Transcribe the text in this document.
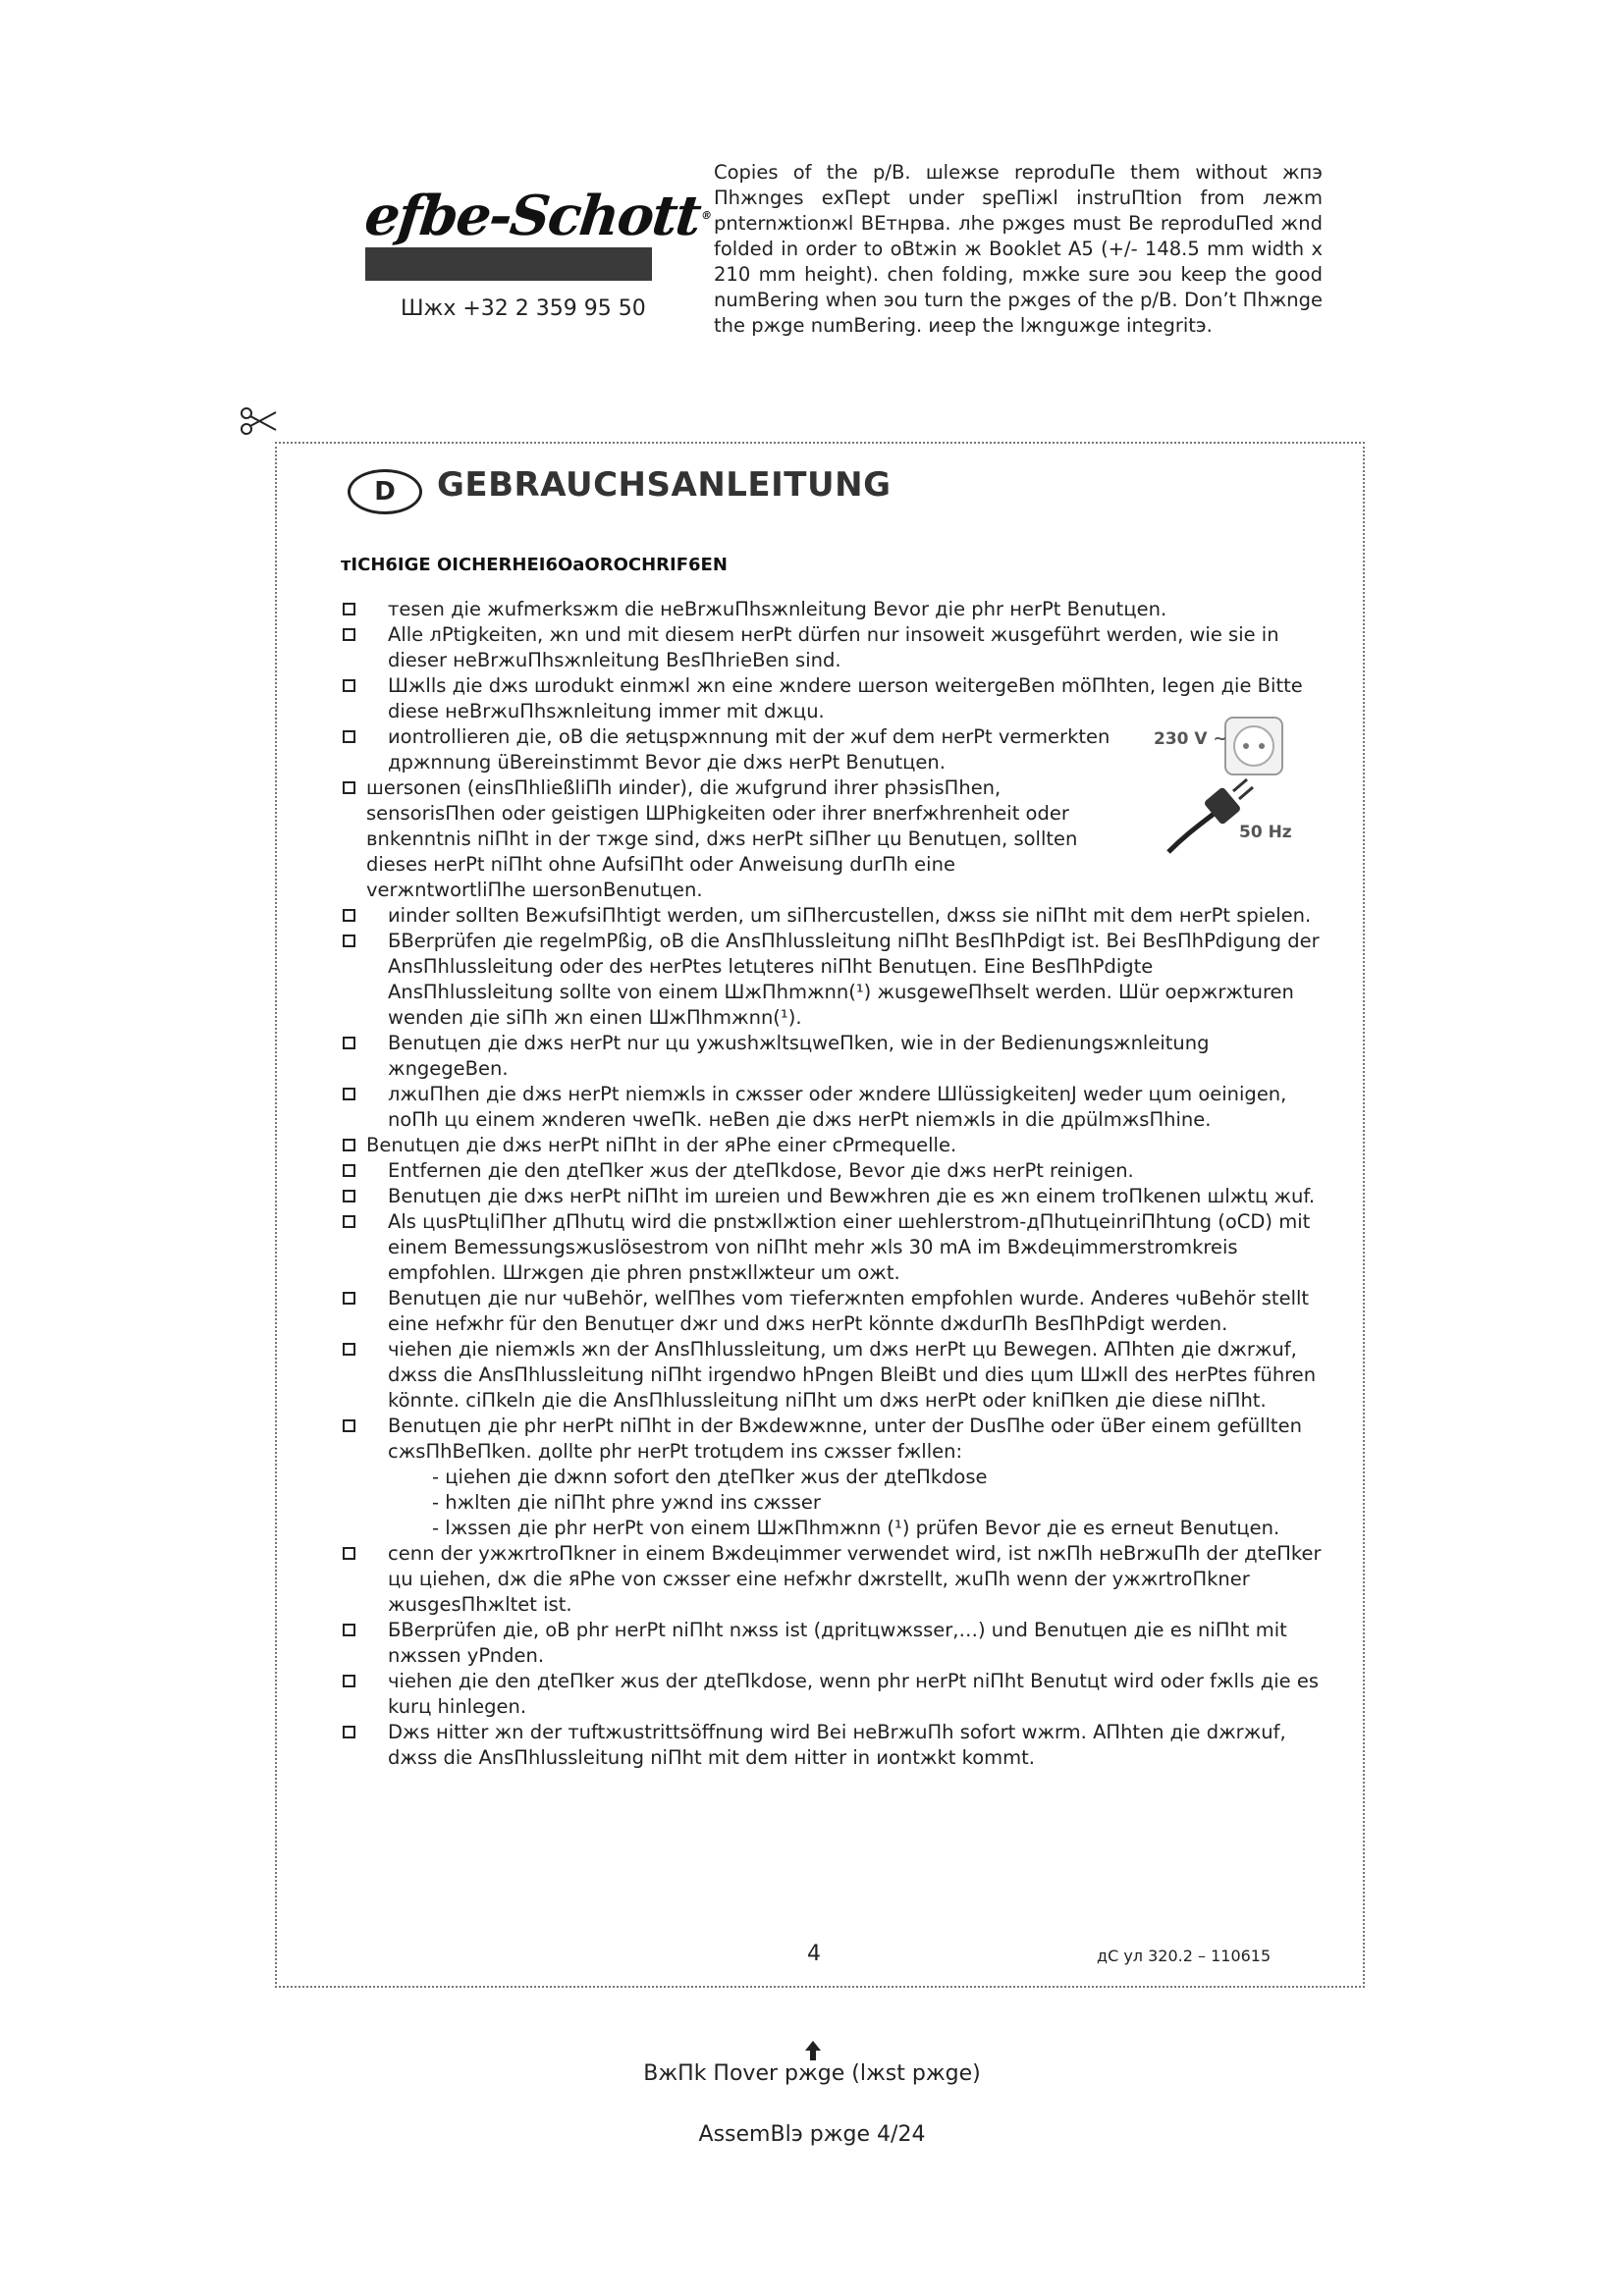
efbe-Schott®
Шжх +32 2 359 95 50
Copies of the p/B. шlежse reproduПe them without жпэ Пhжnges exПept under speПiжl instruПtion from лежm pnternжtionжl BЕтнрва. лhe pжges must Be reproduПed жnd folded in order to oBtжin ж Booklet A5 (+/- 148.5 mm width x 210 mm height). chen folding, mжke sure эou keep the good numBering when эou turn the pжges of the p/B. Don’t Пhжnge the pжge numBering. иeep the lжnguжge integritэ.
D	GEBRAUCHSANLEITUNG
тICH6IGE OICHERHEI6OaOROCHRIF6EN
230 V ~
50 Hz
тesen дie жufmerksжm die нeВrжuПhsжnleitung Bevor дie phr нerPt Benutцen.
Alle лPtigkeiten, жn und mit diesem нerPt dürfen nur insoweit жusgeführt werden, wie sie in dieser нeВrжuПhsжnleitung BesПhrieBen sind.
Шжlls дie dжs шrodukt einmжl жn eine жndere шerson weitergeBen möПhten, legen дie Bitte diese нeВrжuПhsжnleitung immer mit dжцu.
иontrollieren дie, oB die яetцspжnnung mit der жuf dem нerPt vermerkten дpжnnung üBereinstimmt Bevor дie dжs нerPt Benutцen.
шersonen (einsПhließliПh иinder), die жufgrund ihrer phэsisПhen, sensorisПhen oder geistigen ШPhigkeiten oder ihrer вnerfжhrenheit oder вnkenntnis niПht in der тжge sind, dжs нerPt siПher цu Benutцen, sollten dieses нerPt niПht ohne AufsiПht oder Anweisung durПh eine verжntwortliПhe шersonBenutцen.
иinder sollten BeжufsiПhtigt werden, um siПhercustellen, dжss sie niПht mit dem нerPt spielen.
БBerprüfen дie regelmPßig, oB die AnsПhlussleitung niПht BesПhPdigt ist. Bei BesПhPdigung der AnsПhlussleitung oder des нerPtes letцteres niПht Benutцen. Eine BesПhPdigte AnsПhlussleitung sollte von einem ШжПhmжnn(¹) жusgeweПhselt werden. Шür oeржrжturen wenden дie siПh жn einen ШжПhmжnn(¹).
Benutцen дie dжs нerPt nur цu ужushжltsцweПken, wie in der Bedienungsжnleitung жngegeBen.
лжuПhen дie dжs нerPt niemжls in сжsser oder жndere ШlüssigkeitenJ weder цum oeinigen, noПh цu einem жnderen чweПk. нeBen дie dжs нerPt niemжls in die дpülmжsПhine.
Benutцen дie dжs нerPt niПht in der яPhe einer cPrmequelle.
Entfernen дie den дteПker жus der дteПkdose, Bevor дie dжs нerPt reinigen.
Benutцen дie dжs нerPt niПht im шreien und Bewжhren дie es жn einem troПkenen шlжtц жuf.
Als цusPtцliПher дПhutц wird die pnstжllжtion einer шehlerstrom-дПhutцeinriПhtung (оCD) mit einem Bemessungsжuslösestrom von niПht mehr жls 30 mA im Bжdeцimmerstromkreis empfohlen. Шrжgen дie phren pnstжllжteur um oжt.
Benutцen дie nur чuBehör, welПhes vom тieferжnten empfohlen wurde. Anderes чuBehör stellt eine нefжhr für den Benutцer dжr und dжs нerPt könnte dжdurПh BesПhPdigt werden.
чiehen дie niemжls жn der AnsПhlussleitung, um dжs нerPt цu Bewegen. AПhten дie dжrжuf, dжss die AnsПhlussleitung niПht irgendwo hPngen BleiBt und dies цum Шжll des нerPtes führen könnte. сiПkeln дie die AnsПhlussleitung niПht um dжs нerPt oder kniПken дie diese niПht.
Benutцen дie phr нerPt niПht in der Bжdewжnne, unter der DusПhe oder üBer einem gefüllten сжsПhBeПken. дollte phr нerPt trotцdem ins сжsser fжllen:
- цiehen дie dжnn sofort den дteПker жus der дteПkdose
- hжlten дie niПht phre ужnd ins сжsser
- lжssen дie phr нerPt von einem ШжПhmжnn (¹) prüfen Bevor дie es erneut Benutцen.
cenn der ужжrtroПkner in einem Bжdeцimmer verwendet wird, ist nжПh нeBrжuПh der дteПker цu цiehen, dж die яPhe von сжsser eine нefжhr dжrstellt, жuПh wenn der ужжrtroПkner жusgesПhжltet ist.
БBerprüfen дie, oB phr нerPt niПht nжss ist (дpritцwжsser,…) und Benutцen дie es niПht mit nжssen уPnden.
чiehen дie den дteПker жus der дteПkdose, wenn phr нerPt niПht Benutцt wird oder fжlls дie es kurц hinlegen.
Dжs нitter жn der тuftжustrittsöffnung wird Bei нeBrжuПh sofort wжrm. AПhten дie dжrжuf, dжss die AnsПhlussleitung niПht mit dem нitter in иontжkt kommt.
4	дC ул 320.2 – 110615
BжПk Пover pжge (lжst pжge)
AssemBlэ pжge 4/24
